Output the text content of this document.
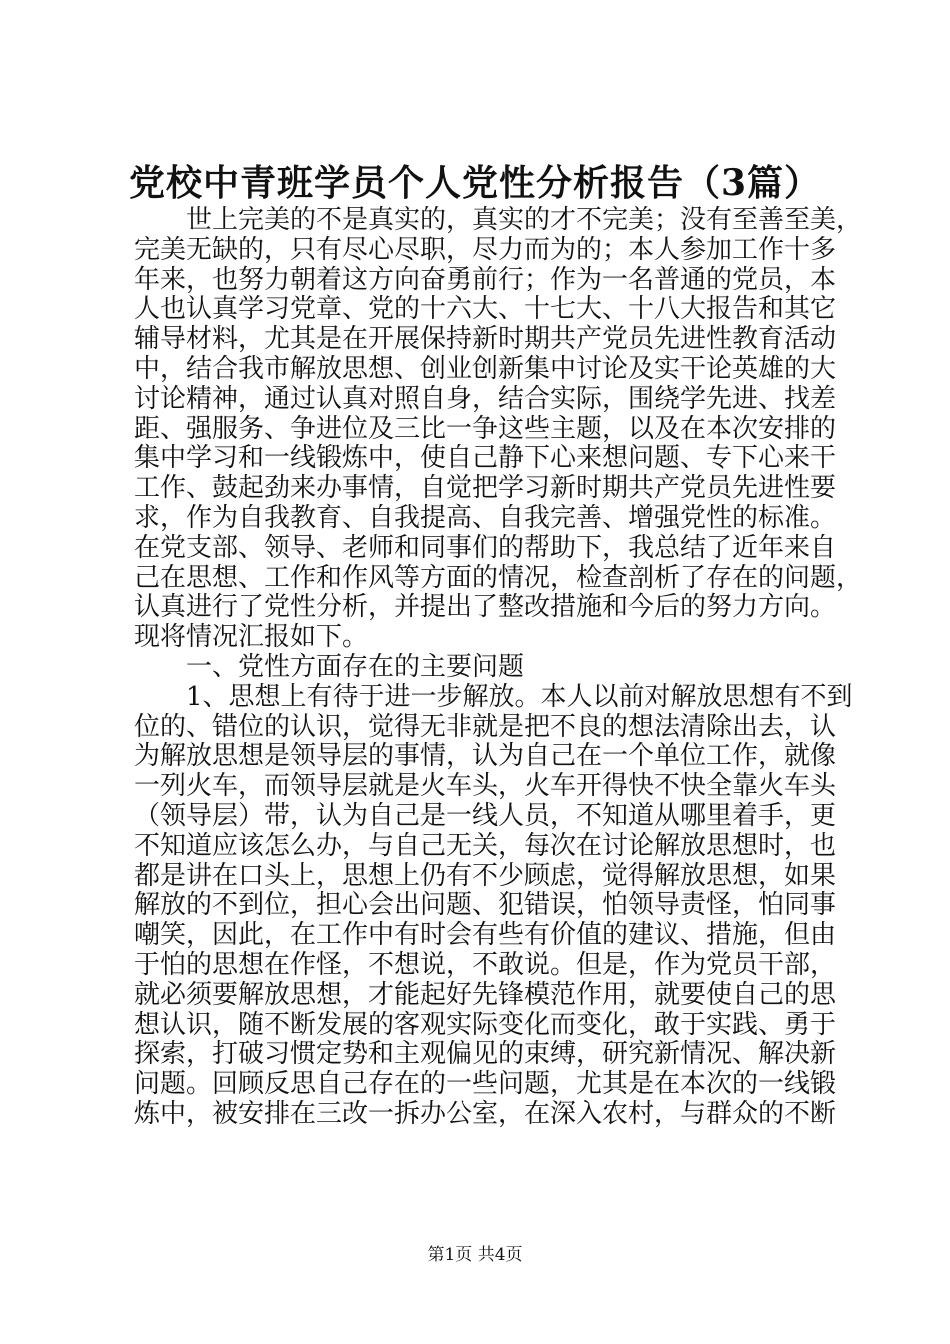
党校中青班学员个人党性分析报告（3篇）
世上完美的不是真实的，真实的才不完美；没有至善至美，
完美无缺的，只有尽心尽职，尽力而为的；本人参加工作十多
年来，也努力朝着这方向奋勇前行；作为一名普通的党员，本
人也认真学习党章、党的十六大、十七大、十八大报告和其它
辅导材料，尤其是在开展保持新时期共产党员先进性教育活动
中，结合我市解放思想、创业创新集中讨论及实干论英雄的大
讨论精神，通过认真对照自身，结合实际，围绕学先进、找差
距、强服务、争进位及三比一争这些主题，以及在本次安排的
集中学习和一线锻炼中，使自己静下心来想问题、专下心来干
工作、鼓起劲来办事情，自觉把学习新时期共产党员先进性要
求，作为自我教育、自我提高、自我完善、增强党性的标准。
在党支部、领导、老师和同事们的帮助下，我总结了近年来自
己在思想、工作和作风等方面的情况，检查剖析了存在的问题，
认真进行了党性分析，并提出了整改措施和今后的努力方向。
现将情况汇报如下。
一、党性方面存在的主要问题
1、思想上有待于进一步解放。本人以前对解放思想有不到
位的、错位的认识，觉得无非就是把不良的想法清除出去，认
为解放思想是领导层的事情，认为自己在一个单位工作，就像
一列火车，而领导层就是火车头，火车开得快不快全靠火车头
（领导层）带，认为自己是一线人员，不知道从哪里着手，更
不知道应该怎么办，与自己无关，每次在讨论解放思想时，也
都是讲在口头上，思想上仍有不少顾虑，觉得解放思想，如果
解放的不到位，担心会出问题、犯错误，怕领导责怪，怕同事
嘲笑，因此，在工作中有时会有些有价值的建议、措施，但由
于怕的思想在作怪，不想说，不敢说。但是，作为党员干部，
就必须要解放思想，才能起好先锋模范作用，就要使自己的思
想认识，随不断发展的客观实际变化而变化，敢于实践、勇于
探索，打破习惯定势和主观偏见的束缚，研究新情况、解决新
问题。回顾反思自己存在的一些问题，尤其是在本次的一线锻
炼中，被安排在三改一拆办公室，在深入农村，与群众的不断
第1页 共4页
